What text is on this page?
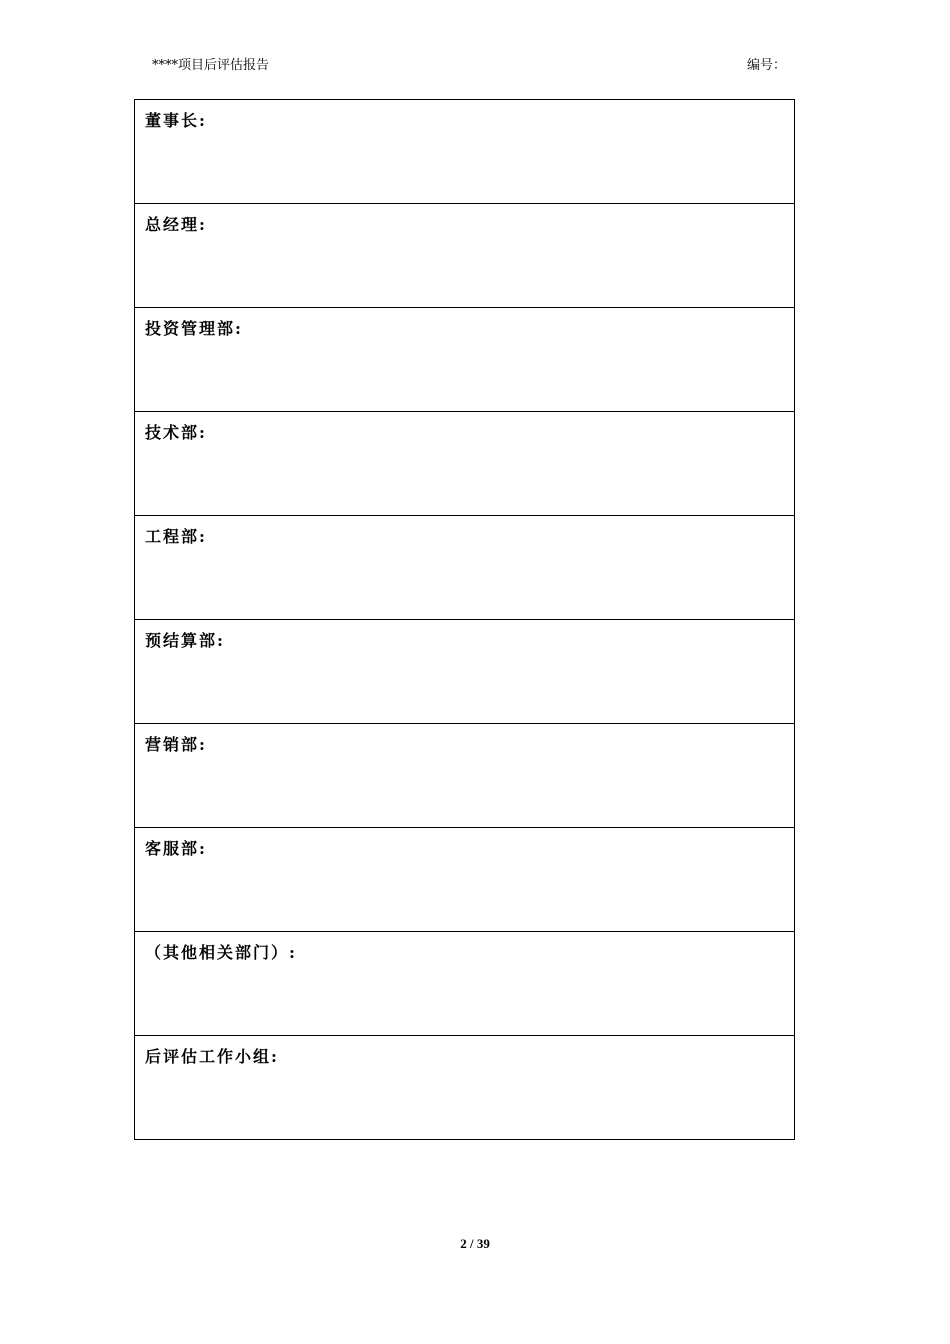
****项目后评估报告	编号：
董事长:

总经理:

投资管理部:

技术部:

工程部:

预结算部:

营销部:

客服部:

（其他相关部门）:

后评估工作小组:
2 / 39
